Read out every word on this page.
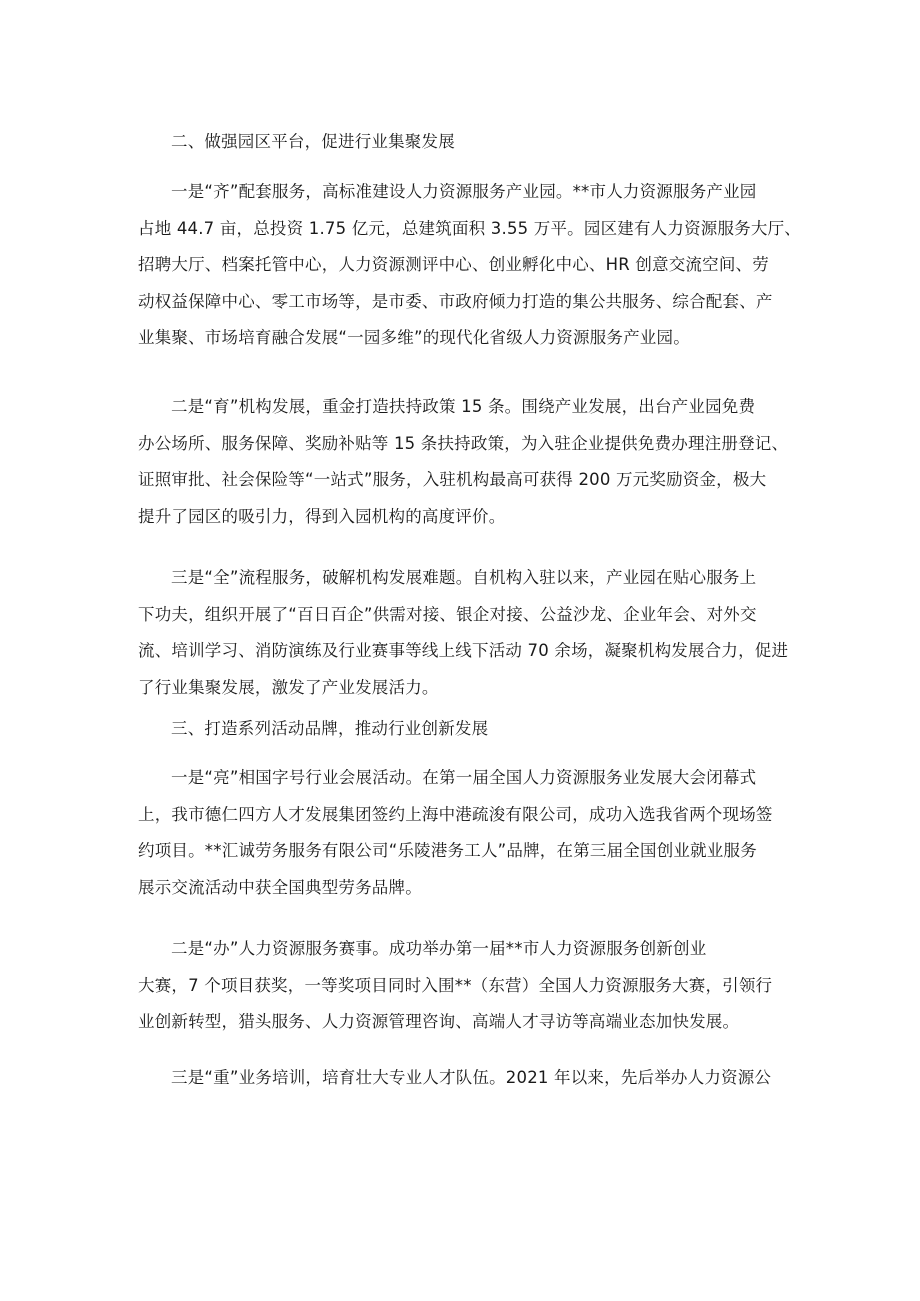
二、做强园区平台，促进行业集聚发展

一是“齐”配套服务，高标准建设人力资源服务产业园。**市人力资源服务产业园
占地 44.7 亩，总投资 1.75 亿元，总建筑面积 3.55 万平。园区建有人力资源服务大厅、
招聘大厅、档案托管中心，人力资源测评中心、创业孵化中心、HR 创意交流空间、劳
动权益保障中心、零工市场等，是市委、市政府倾力打造的集公共服务、综合配套、产
业集聚、市场培育融合发展“一园多维”的现代化省级人力资源服务产业园。

二是“育”机构发展，重金打造扶持政策 15 条。围绕产业发展，出台产业园免费
办公场所、服务保障、奖励补贴等 15 条扶持政策，为入驻企业提供免费办理注册登记、
证照审批、社会保险等“一站式”服务，入驻机构最高可获得 200 万元奖励资金，极大
提升了园区的吸引力，得到入园机构的高度评价。

三是“全”流程服务，破解机构发展难题。自机构入驻以来，产业园在贴心服务上
下功夫，组织开展了“百日百企”供需对接、银企对接、公益沙龙、企业年会、对外交
流、培训学习、消防演练及行业赛事等线上线下活动 70 余场，凝聚机构发展合力，促进
了行业集聚发展，激发了产业发展活力。

三、打造系列活动品牌，推动行业创新发展

一是“亮”相国字号行业会展活动。在第一届全国人力资源服务业发展大会闭幕式
上，我市德仁四方人才发展集团签约上海中港疏浚有限公司，成功入选我省两个现场签
约项目。**汇诚劳务服务有限公司“乐陵港务工人”品牌，在第三届全国创业就业服务
展示交流活动中获全国典型劳务品牌。

二是“办”人力资源服务赛事。成功举办第一届**市人力资源服务创新创业
大赛，7 个项目获奖，一等奖项目同时入围**（东营）全国人力资源服务大赛，引领行
业创新转型，猎头服务、人力资源管理咨询、高端人才寻访等高端业态加快发展。

三是“重”业务培训，培育壮大专业人才队伍。2021 年以来，先后举办人力资源公
